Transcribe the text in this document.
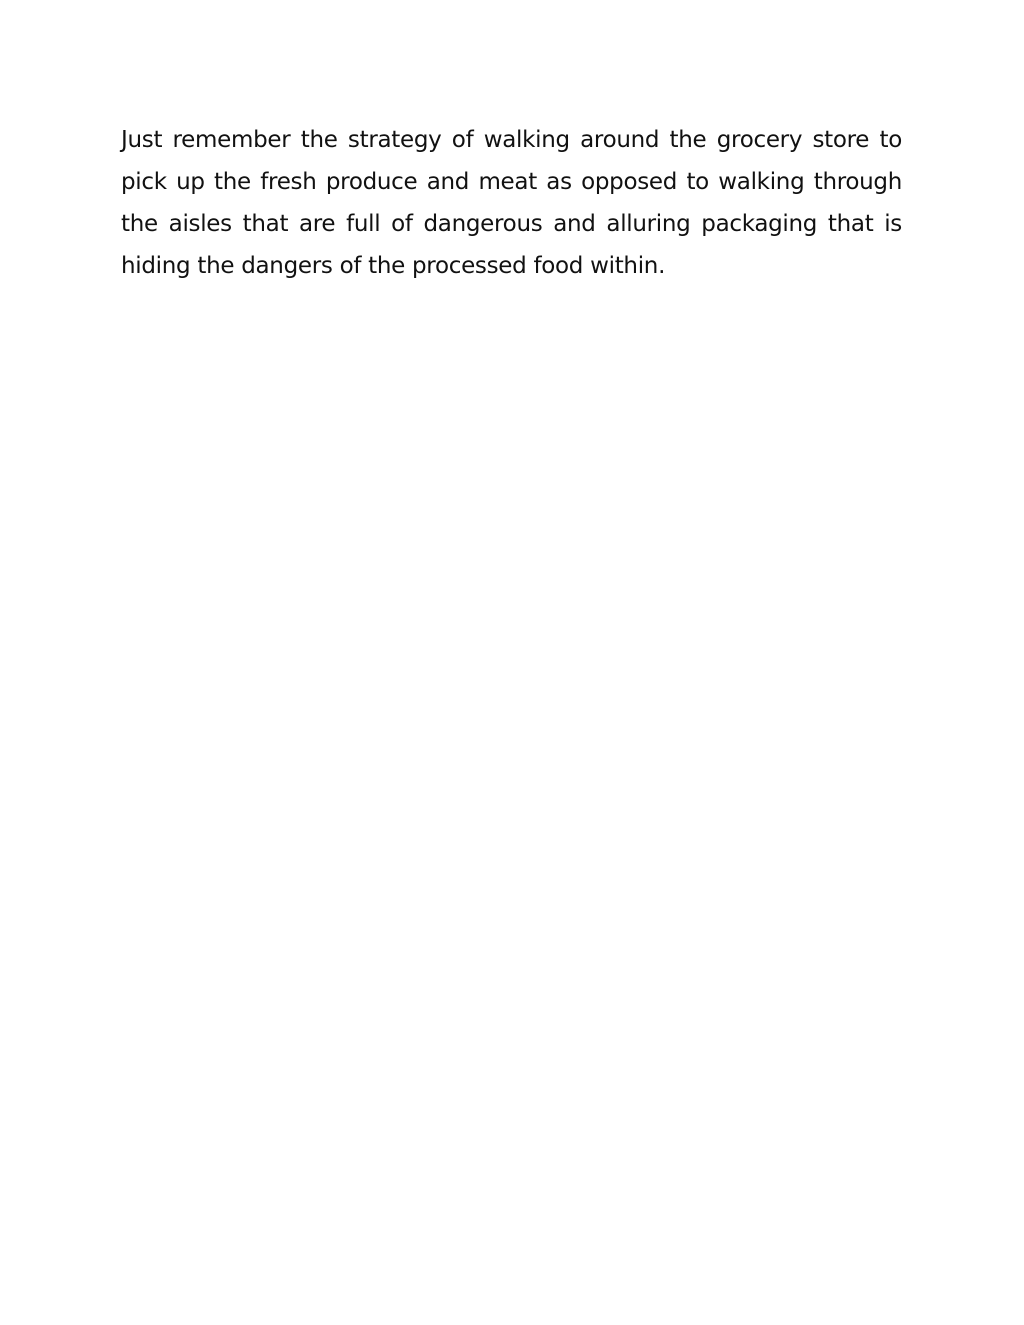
Just remember the strategy of walking around the grocery store to pick up the fresh produce and meat as opposed to walking through the aisles that are full of dangerous and alluring packaging that is hiding the dangers of the processed food within.
